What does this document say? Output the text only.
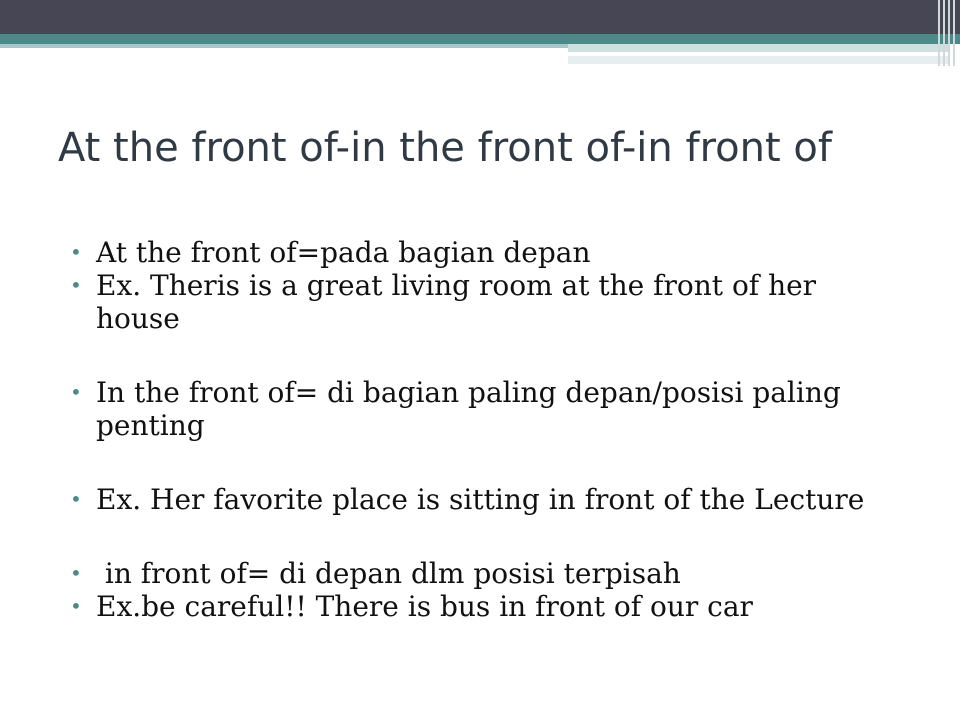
At the front of-in the front of-in front of
• At the front of=pada bagian depan
• Ex. Theris is a great living room at the front of her house
• In the front of= di bagian paling depan/posisi paling penting
• Ex. Her favorite place is sitting in front of the Lecture
• in front of= di depan dlm posisi terpisah
• Ex.be careful!! There is bus in front of our car
